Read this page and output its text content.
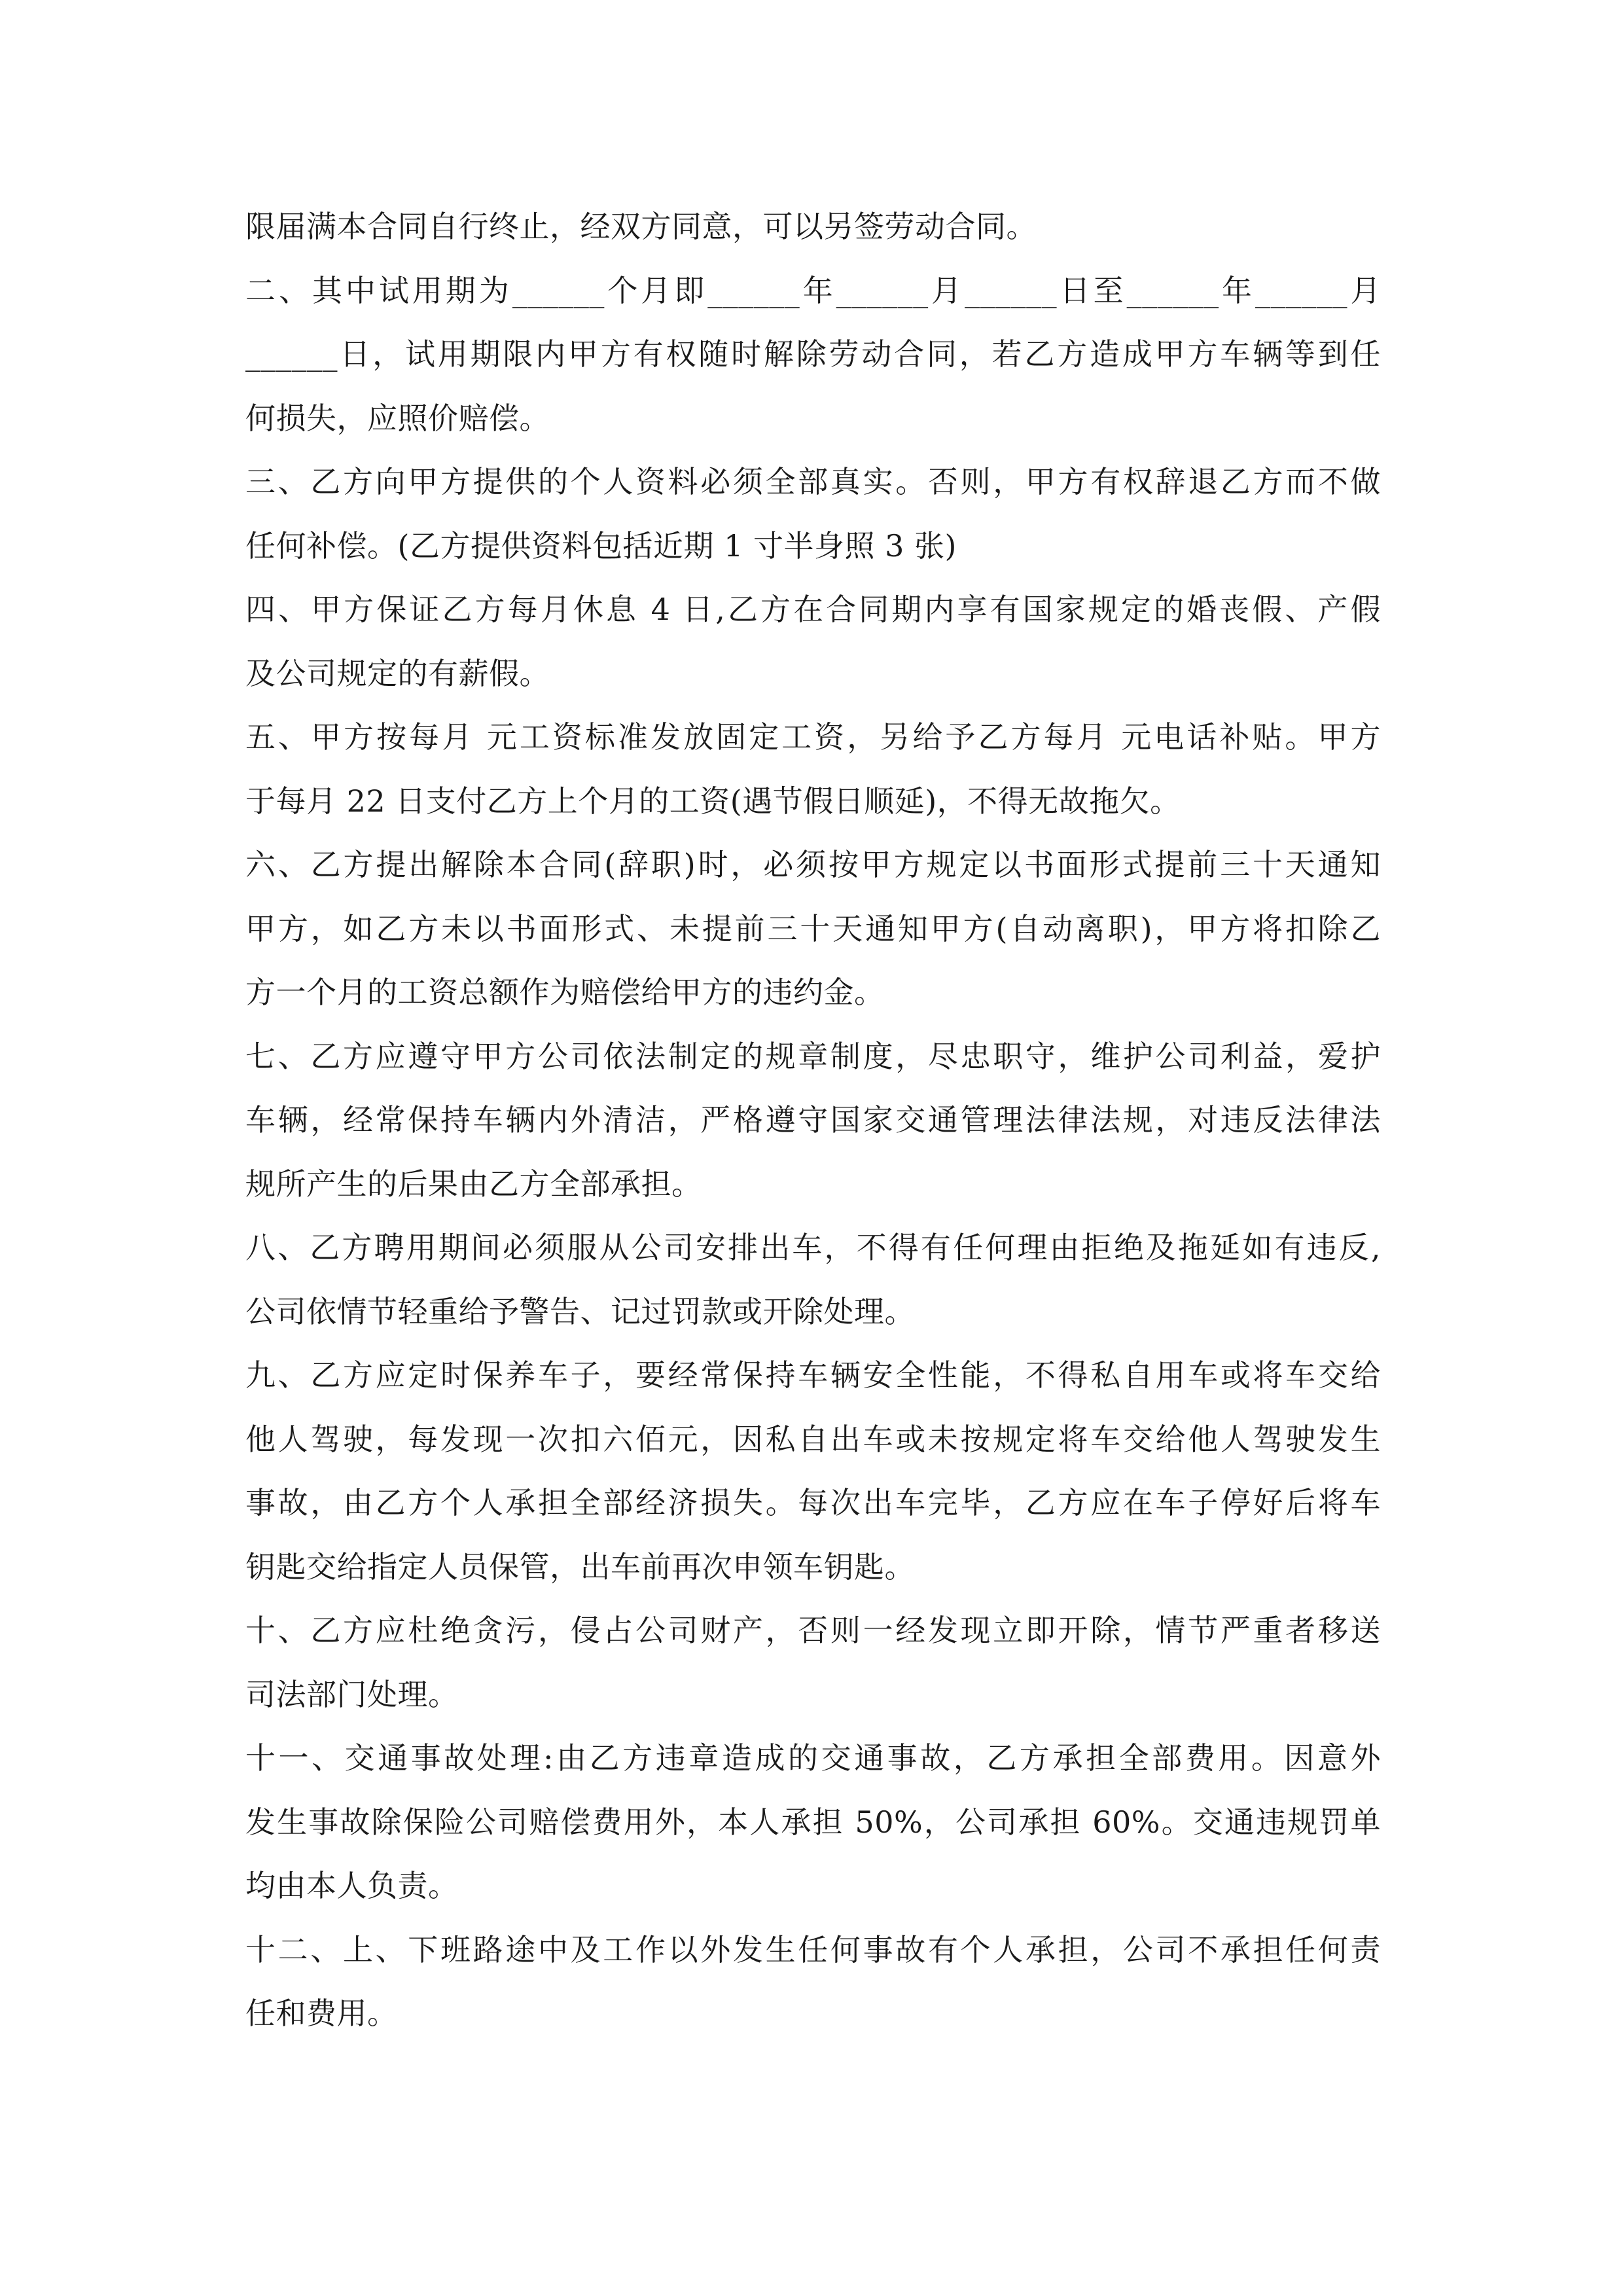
限届满本合同自行终止，经双方同意，可以另签劳动合同。
二、其中试用期为______个月即______年______月______日至______年______月
______日，试用期限内甲方有权随时解除劳动合同，若乙方造成甲方车辆等到任
何损失，应照价赔偿。
三、乙方向甲方提供的个人资料必须全部真实。否则，甲方有权辞退乙方而不做
任何补偿。(乙方提供资料包括近期 1 寸半身照 3 张)
四、甲方保证乙方每月休息 4 日,乙方在合同期内享有国家规定的婚丧假、产假
及公司规定的有薪假。
五、甲方按每月 元工资标准发放固定工资，另给予乙方每月 元电话补贴。甲方
于每月 22 日支付乙方上个月的工资(遇节假日顺延)，不得无故拖欠。
六、乙方提出解除本合同(辞职)时，必须按甲方规定以书面形式提前三十天通知
甲方，如乙方未以书面形式、未提前三十天通知甲方(自动离职)，甲方将扣除乙
方一个月的工资总额作为赔偿给甲方的违约金。
七、乙方应遵守甲方公司依法制定的规章制度，尽忠职守，维护公司利益，爱护
车辆，经常保持车辆内外清洁，严格遵守国家交通管理法律法规，对违反法律法
规所产生的后果由乙方全部承担。
八、乙方聘用期间必须服从公司安排出车，不得有任何理由拒绝及拖延如有违反,
公司依情节轻重给予警告、记过罚款或开除处理。
九、乙方应定时保养车子，要经常保持车辆安全性能，不得私自用车或将车交给
他人驾驶，每发现一次扣六佰元，因私自出车或未按规定将车交给他人驾驶发生
事故，由乙方个人承担全部经济损失。每次出车完毕，乙方应在车子停好后将车
钥匙交给指定人员保管，出车前再次申领车钥匙。
十、乙方应杜绝贪污，侵占公司财产，否则一经发现立即开除，情节严重者移送
司法部门处理。
十一、交通事故处理:由乙方违章造成的交通事故，乙方承担全部费用。因意外
发生事故除保险公司赔偿费用外，本人承担 50%，公司承担 60%。交通违规罚单
均由本人负责。
十二、上、下班路途中及工作以外发生任何事故有个人承担，公司不承担任何责
任和费用。
